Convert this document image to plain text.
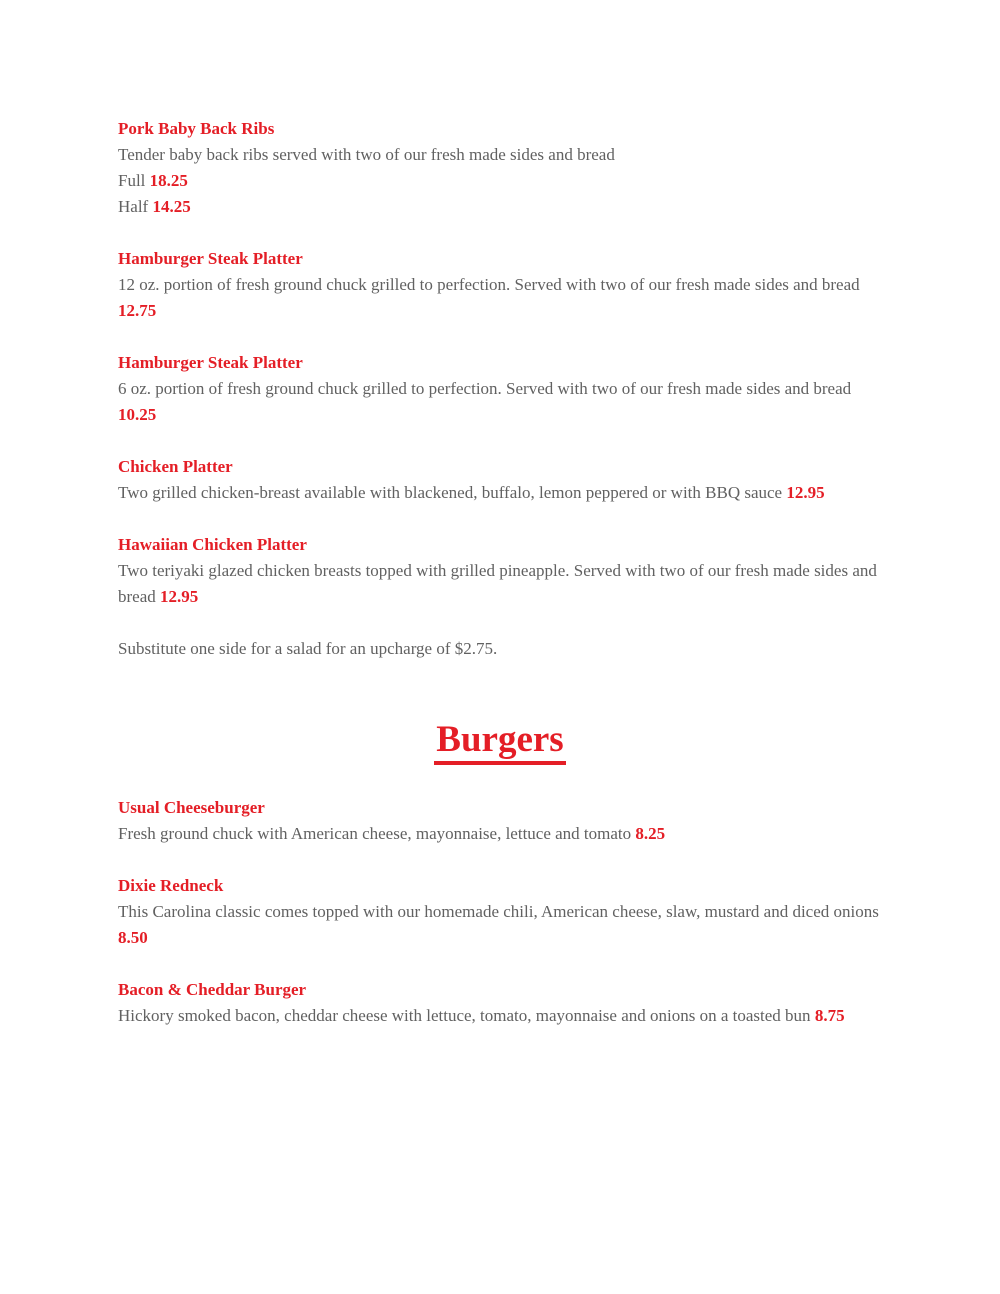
Pork Baby Back Ribs
Tender baby back ribs served with two of our fresh made sides and bread
Full 18.25
Half 14.25
Hamburger Steak Platter
12 oz. portion of fresh ground chuck grilled to perfection. Served with two of our fresh made sides and bread 12.75
Hamburger Steak Platter
6 oz. portion of fresh ground chuck grilled to perfection. Served with two of our fresh made sides and bread 10.25
Chicken Platter
Two grilled chicken-breast available with blackened, buffalo, lemon peppered or with BBQ sauce 12.95
Hawaiian Chicken Platter
Two teriyaki glazed chicken breasts topped with grilled pineapple. Served with two of our fresh made sides and bread 12.95
Substitute one side for a salad for an upcharge of $2.75.
Burgers
Usual Cheeseburger
Fresh ground chuck with American cheese, mayonnaise, lettuce and tomato 8.25
Dixie Redneck
This Carolina classic comes topped with our homemade chili, American cheese, slaw, mustard and diced onions 8.50
Bacon & Cheddar Burger
Hickory smoked bacon, cheddar cheese with lettuce, tomato, mayonnaise and onions on a toasted bun 8.75
